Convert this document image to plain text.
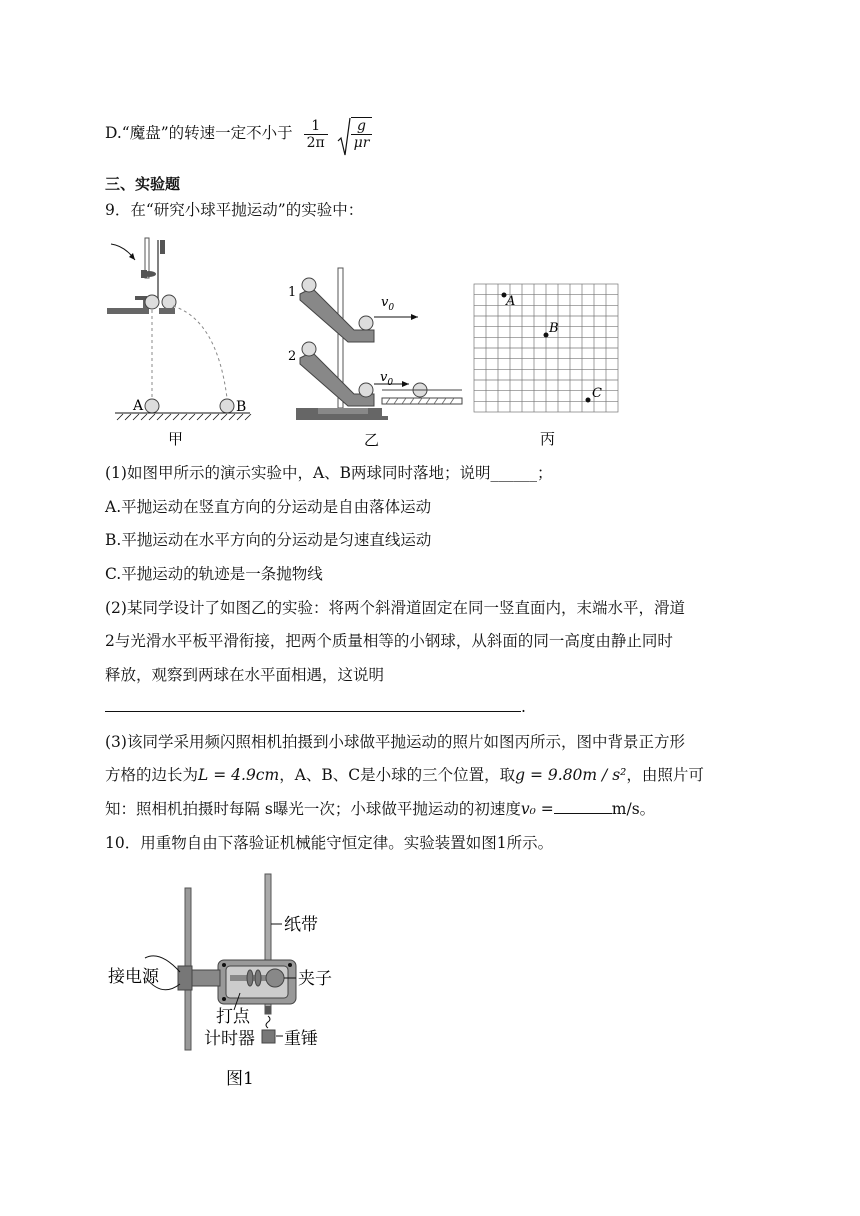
D.“魔盘”的转速一定不小于 $\frac{1}{2\pi}$
$\frac{g}{\mu r}$
三、实验题
9．在“研究小球平抛运动”的实验中：
A	B
甲
1
$v_0$
2
$v_0$
乙
A
B
C
丙
(1)如图甲所示的演示实验中，A、B两球同时落地；说明______；
A.平抛运动在竖直方向的分运动是自由落体运动
B.平抛运动在水平方向的分运动是匀速直线运动
C.平抛运动的轨迹是一条抛物线
(2)某同学设计了如图乙的实验：将两个斜滑道固定在同一竖直面内，末端水平，滑道
2与光滑水平板平滑衔接，把两个质量相等的小钢球，从斜面的同一高度由静止同时
释放，观察到两球在水平面相遇，这说明
.
(3)该同学采用频闪照相机拍摄到小球做平抛运动的照片如图丙所示，图中背景正方形
方格的边长为L = 4.9cm，A、B、C是小球的三个位置，取g = 9.80m / s²，由照片可
知：照相机拍摄时每隔 s曝光一次；小球做平抛运动的初速度v₀ =	m/s。
10．用重物自由下落验证机械能守恒定律。实验装置如图1所示。
纸带
接电源	夹子
打点
计时器 重锤
图1
